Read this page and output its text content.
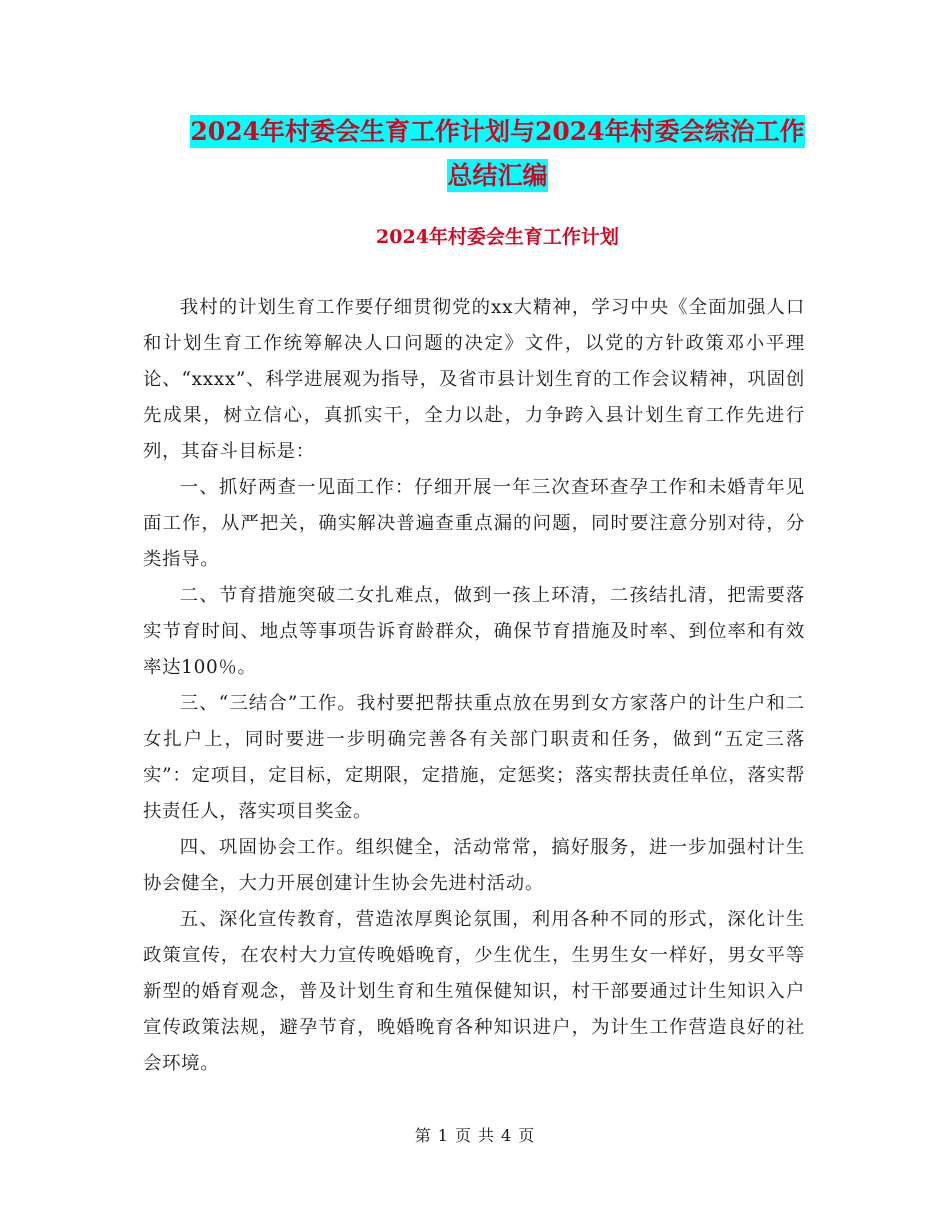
2024年村委会生育工作计划与2024年村委会综治工作
总结汇编
2024年村委会生育工作计划

我村的计划生育工作要仔细贯彻党的xx大精神，学习中央《全面加强人口和计划生育工作统筹解决人口问题的决定》文件，以党的方针政策邓小平理论、“xxxx”、科学进展观为指导，及省市县计划生育的工作会议精神，巩固创先成果，树立信心，真抓实干，全力以赴，力争跨入县计划生育工作先进行列，其奋斗目标是：

一、抓好两查一见面工作：仔细开展一年三次查环查孕工作和未婚青年见面工作，从严把关，确实解决普遍查重点漏的问题，同时要注意分别对待，分类指导。

二、节育措施突破二女扎难点，做到一孩上环清，二孩结扎清，把需要落实节育时间、地点等事项告诉育龄群众，确保节育措施及时率、到位率和有效率达100％。

三、“三结合”工作。我村要把帮扶重点放在男到女方家落户的计生户和二女扎户上，同时要进一步明确完善各有关部门职责和任务，做到“五定三落实”：定项目，定目标，定期限，定措施，定惩奖；落实帮扶责任单位，落实帮扶责任人，落实项目奖金。

四、巩固协会工作。组织健全，活动常常，搞好服务，进一步加强村计生协会健全，大力开展创建计生协会先进村活动。

五、深化宣传教育，营造浓厚舆论氛围，利用各种不同的形式，深化计生政策宣传，在农村大力宣传晚婚晚育，少生优生，生男生女一样好，男女平等新型的婚育观念，普及计划生育和生殖保健知识，村干部要通过计生知识入户宣传政策法规，避孕节育，晚婚晚育各种知识进户，为计生工作营造良好的社会环境。

第 1 页 共 4 页
